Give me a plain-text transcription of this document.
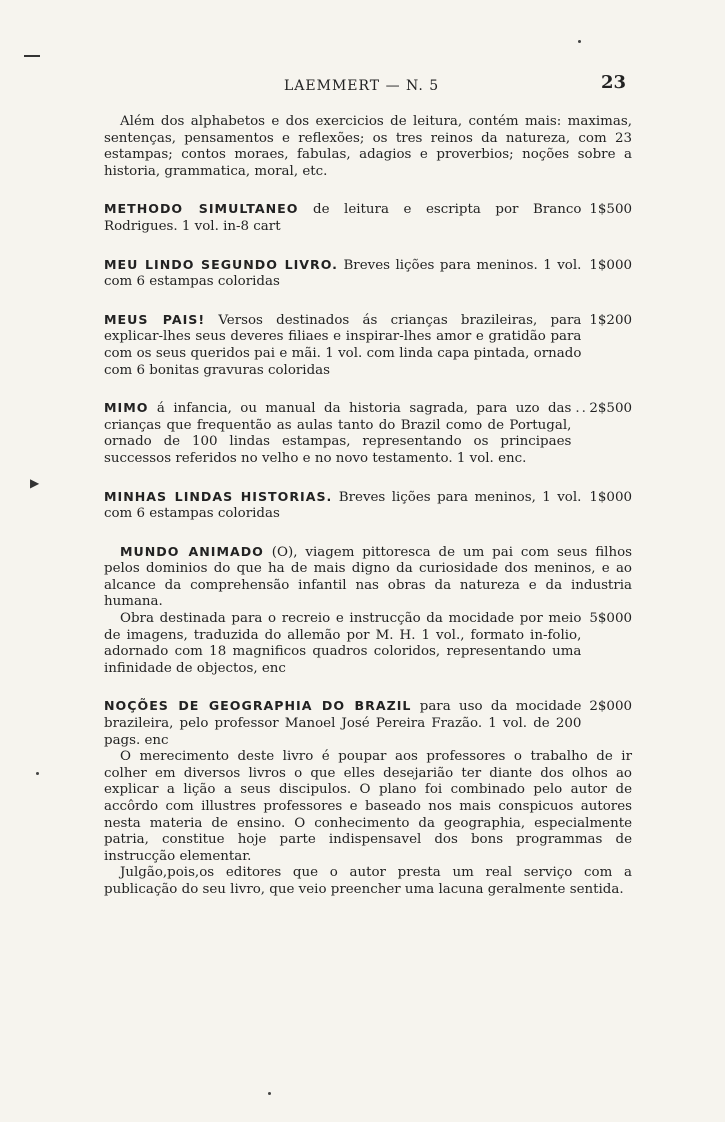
▶
LAEMMERT — N. 5	23

Além dos alphabetos e dos exercicios de leitura, contém mais: maximas, sentenças, pensamentos e reflexões; os tres reinos da natureza, com 23 estampas; contos moraes, fabulas, adagios e proverbios; noções sobre a historia, grammatica, moral, etc.

METHODO SIMULTANEO de leitura e escripta por Branco Rodrigues. 1 vol. in-8 cart
1$500
MEU LINDO SEGUNDO LIVRO. Breves lições para meninos. 1 vol. com 6 estampas coloridas
1$000
MEUS PAIS! Versos destinados ás crianças brazileiras, para explicar-lhes seus deveres filiaes e inspirar-lhes amor e gratidão para com os seus queridos pai e mãi. 1 vol. com linda capa pintada, ornado com 6 bonitas gravuras coloridas
1$200
MIMO á infancia, ou manual da historia sagrada, para uzo das crianças que frequentão as aulas tanto do Brazil como de Portugal, ornado de 100 lindas estampas, representando os principaes successos referidos no velho e no novo testamento. 1 vol. enc.
.....
2$500
MINHAS LINDAS HISTORIAS. Breves lições para meninos, 1 vol. com 6 estampas coloridas
1$000

MUNDO ANIMADO (O), viagem pittoresca de um pai com seus filhos pelos dominios do que ha de mais digno da curiosidade dos meninos, e ao alcance da comprehensão infantil nas obras da natureza e da industria humana.

Obra destinada para o recreio e instrucção da mocidade por meio de imagens, traduzida do allemão por M. H. 1 vol., formato in-folio, adornado com 18 magnificos quadros coloridos, representando uma infinidade de objectos, enc
5$000
NOÇÕES DE GEOGRAPHIA DO BRAZIL para uso da mocidade brazileira, pelo professor Manoel José Pereira Frazão. 1 vol. de 200 pags. enc
2$000

O merecimento deste livro é poupar aos professores o trabalho de ir colher em diversos livros o que elles desejarião ter diante dos olhos ao explicar a lição a seus discipulos. O plano foi combinado pelo autor de accôrdo com illustres professores e baseado nos mais conspicuos autores nesta materia de ensino. O conhecimento da geographia, especialmente patria, constitue hoje parte indispensavel dos bons programmas de instrucção elementar.

Julgão,pois,os editores que o autor presta um real serviço com a publicação do seu livro, que veio preencher uma lacuna geralmente sentida.
